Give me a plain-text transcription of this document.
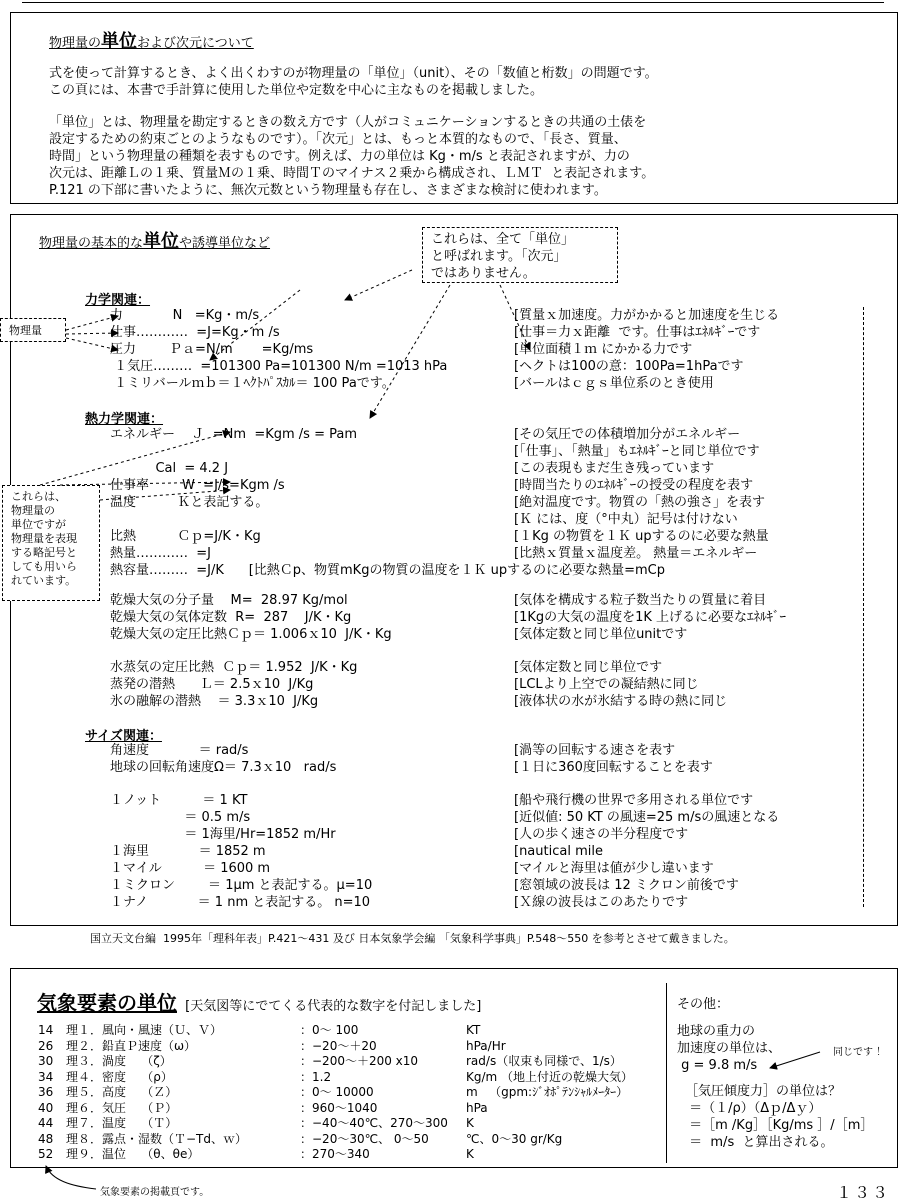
物理量の単位および次元について
式を使って計算するとき、よく出くわすのが物理量の「単位」（unit）、その「数値と桁数」の問題です。
この頁には、本書で手計算に使用した単位や定数を中心に主なものを掲載しました。
「単位」とは、物理量を勘定するときの数え方です（人がコミュニケーションするときの共通の土俵を
設定するための約束ごとのようなものです）。「次元」とは、もっと本質的なもので、「長さ、質量、
時間」という物理量の種類を表すものです。例えば、力の単位は Kg・m/s と表記されますが、力の
次元は、距離Ｌの１乗、質量Ｍの１乗、時間Ｔのマイナス２乗から構成され、ＬＭＴ  と表記されます。
P.121 の下部に書いたように、無次元数という物理量も存在し、さまざまな検討に使われます。
物理量の基本的な単位や誘導単位など
力学関連：
熱力学関連：
サイズ関連：
力            N   =Kg・m/s	[質量ｘ加速度。力がかかると加速度を生じる
仕事…………  =J=Kg・m /s	[仕事＝力ｘ距離  です。仕事はｴﾈﾙｷﾞｰです
圧力        Ｐａ=N/m       =Kg/ms	[単位面積１ｍ にかかる力です
１気圧………  =101300 Pa=101300 N/m =1013 hPa	[ヘクトは100の意：100Pa=1hPaです
１ミリバールｍｂ＝１ﾍｸﾄﾊﾟｽｶﾙ＝ 100 Paです。	[バールはｃｇｓ単位系のとき使用
エネルギー    Ｊ  =Nm  =Kgm /s = Pam	[その気圧での体積増加分がエネルギー
[「仕事」、「熱量」もｴﾈﾙｷﾞｰと同じ単位です
Cal  = 4.2 J	[この表現もまだ生き残っています
仕事率        W  =J/s=Kgm /s	[時間当たりのｴﾈﾙｷﾞｰの授受の程度を表す
温度          Ｋと表記する。	[絶対温度です。物質の「熱の強さ」を表す
[Ｋ には、度（°中丸）記号は付けない
比熱          Ｃｐ=J/K・Kg	[１Kg の物質を１Ｋ upするのに必要な熱量
熱量…………  =J	[比熱ｘ質量ｘ温度差。 熱量＝エネルギー
熱容量………  =J/K      [比熱Ｃp、物質mKgの物質の温度を１Ｋ upするのに必要な熱量=mCp
乾燥大気の分子量    M=  28.97 Kg/mol	[気体を構成する粒子数当たりの質量に着目
乾燥大気の気体定数  R=  287    J/K・Kg	[1Kgの大気の温度を1K 上げるに必要なｴﾈﾙｷﾞｰ
乾燥大気の定圧比熱Ｃｐ＝ 1.006ｘ10  J/K・Kg	[気体定数と同じ単位unitです
水蒸気の定圧比熱  Ｃｐ＝ 1.952  J/K・Kg	[気体定数と同じ単位です
蒸発の潜熱      Ｌ＝ 2.5ｘ10  J/Kg	[LCLより上空での凝結熱に同じ
氷の融解の潜熱    ＝ 3.3ｘ10  J/Kg	[液体状の水が氷結する時の熱に同じ
角速度            ＝ rad/s	[渦等の回転する速さを表す
地球の回転角速度Ω＝ 7.3ｘ10   rad/s	[１日に360度回転することを表す
１ノット          ＝ 1 KT	[船や飛行機の世界で多用される単位です
＝ 0.5 m/s	[近似値: 50 KT の風速=25 m/sの風速となる
＝ 1海里/Hr=1852 m/Hr	[人の歩く速さの半分程度です
１海里            ＝ 1852 m	[nautical mile
１マイル          ＝ 1600 m	[マイルと海里は値が少し違います
１ミクロン        ＝ 1μm と表記する。μ=10	[窓領域の波長は 12 ミクロン前後です
１ナノ            ＝ 1 nm と表記する。 n=10	[Ｘ線の波長はこのあたりです
これらは、全て「単位」
と呼ばれます。「次元」
ではありません。
物理量
これらは、
物理量の
単位ですが
物理量を表現
する略記号と
しても用いら
れています。
国立天文台編  1995年「理科年表」P.421〜431 及び 日本気象学会編 「気象科学事典」P.548〜550 を参考とさせて戴きました。
気象要素の単位 [天気図等にでてくる代表的な数字を付記しました]	その他：
地球の重力の
加速度の単位は、
g = 9.8 m/s
同じです ！
［気圧傾度力］の単位は？
＝（１/ρ）（Δｐ/Δｙ）
＝［m /Kg］［Kg/ms ］/［m］
＝  m/s  と算出される。
14 理１．風向・風速（Ｕ、Ｖ）	：0〜 100	KT
26 理２．鉛直Ｐ速度（ω）	：−20〜＋20	hPa/Hr
30 理３．渦度    （ζ）	：−200〜＋200 x10	rad/s（収束も同様で、1/s）
34 理４．密度    （ρ）	：1.2	Kg/m （地上付近の乾燥大気）
36 理５．高度    （Ｚ）	：0〜 10000	m   （gpm:ｼﾞｵﾎﾟﾃﾝｼｬﾙﾒｰﾀｰ）
40 理６．気圧    （Ｐ）	：960〜1040	hPa
44 理７．温度    （Ｔ）	：−40〜40℃、270〜300 K
48 理８．露点・湿数（Ｔ−Td、ｗ）	：−20〜30℃、 0〜50	℃、0〜30 gr/Kg
52 理９．温位    （θ、θe）	：270〜340	K
気象要素の掲載頁です。	１３３
